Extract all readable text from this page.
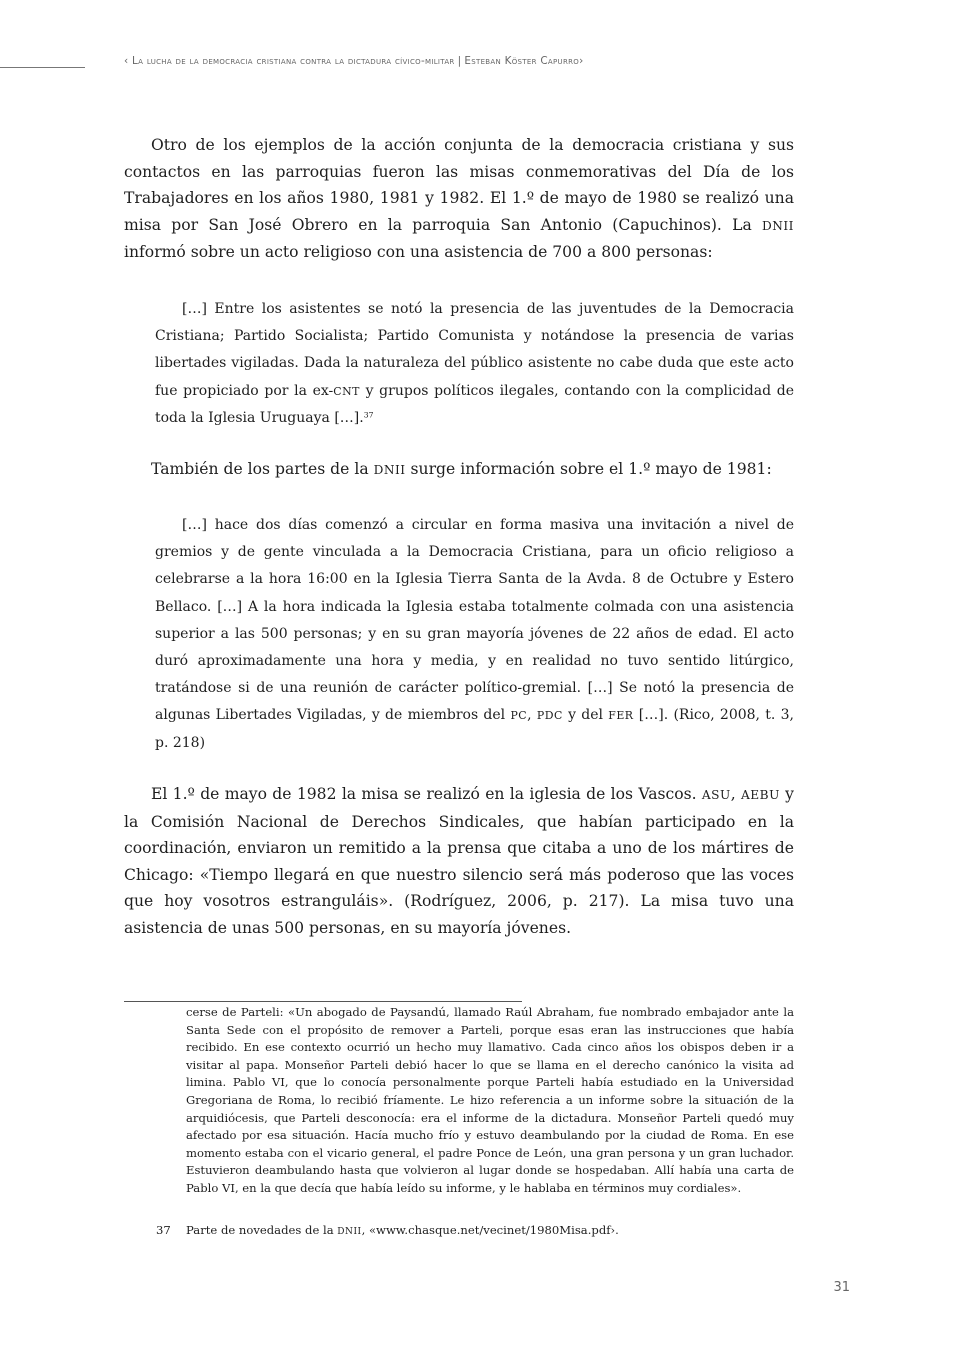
‹ La lucha de la democracia cristiana contra la dictadura cívico-militar | Esteban Köster Capurro›

Otro de los ejemplos de la acción conjunta de la democracia cristiana y sus contactos en las parroquias fueron las misas conmemorativas del Día de los Trabajadores en los años 1980, 1981 y 1982. El 1.º de mayo de 1980 se realizó una misa por San José Obrero en la parroquia San Antonio (Capuchinos). La DNII informó sobre un acto religioso con una asistencia de 700 a 800 personas:

[…] Entre los asistentes se notó la presencia de las juventudes de la Democracia Cristiana; Partido Socialista; Partido Comunista y notándose la presencia de varias libertades vigiladas. Dada la naturaleza del público asistente no cabe duda que este acto fue propiciado por la ex-CNT y grupos políticos ilegales, contando con la complicidad de toda la Iglesia Uruguaya […].$^{37}$

También de los partes de la DNII surge información sobre el 1.º mayo de 1981:

[…] hace dos días comenzó a circular en forma masiva una invitación a nivel de gremios y de gente vinculada a la Democracia Cristiana, para un oficio religioso a celebrarse a la hora 16:00 en la Iglesia Tierra Santa de la Avda. 8 de Octubre y Estero Bellaco. […] A la hora indicada la Iglesia estaba totalmente colmada con una asistencia superior a las 500 personas; y en su gran mayoría jóvenes de 22 años de edad. El acto duró aproximadamente una hora y media, y en realidad no tuvo sentido litúrgico, tratándose si de una reunión de carácter político-gremial. […] Se notó la presencia de algunas Libertades Vigiladas, y de miembros del PC, PDC y del FER […]. (Rico, 2008, t. 3, p. 218)

El 1.º de mayo de 1982 la misa se realizó en la iglesia de los Vascos. ASU, AEBU y la Comisión Nacional de Derechos Sindicales, que habían participado en la coordinación, enviaron un remitido a la prensa que citaba a uno de los mártires de Chicago: «Tiempo llegará en que nuestro silencio será más poderoso que las voces que hoy vosotros estranguláis». (Rodríguez, 2006, p. 217). La misa tuvo una asistencia de unas 500 personas, en su mayoría jóvenes.

cerse de Parteli: «Un abogado de Paysandú, llamado Raúl Abraham, fue nombrado embajador ante la Santa Sede con el propósito de remover a Parteli, porque esas eran las instrucciones que había recibido. En ese contexto ocurrió un hecho muy llamativo. Cada cinco años los obispos deben ir a visitar al papa. Monseñor Parteli debió hacer lo que se llama en el derecho canónico la visita ad limina. Pablo VI, que lo conocía personalmente porque Parteli había estudiado en la Universidad Gregoriana de Roma, lo recibió fríamente. Le hizo referencia a un informe sobre la situación de la arquidiócesis, que Parteli desconocía: era el informe de la dictadura. Monseñor Parteli quedó muy afectado por esa situación. Hacía mucho frío y estuvo deambulando por la ciudad de Roma. En ese momento estaba con el vicario general, el padre Ponce de León, una gran persona y un gran luchador. Estuvieron deambulando hasta que volvieron al lugar donde se hospedaban. Allí había una carta de Pablo VI, en la que decía que había leído su informe, y le hablaba en términos muy cordiales».

37 Parte de novedades de la DNII, «www.chasque.net/vecinet/1980Misa.pdf›.

31
